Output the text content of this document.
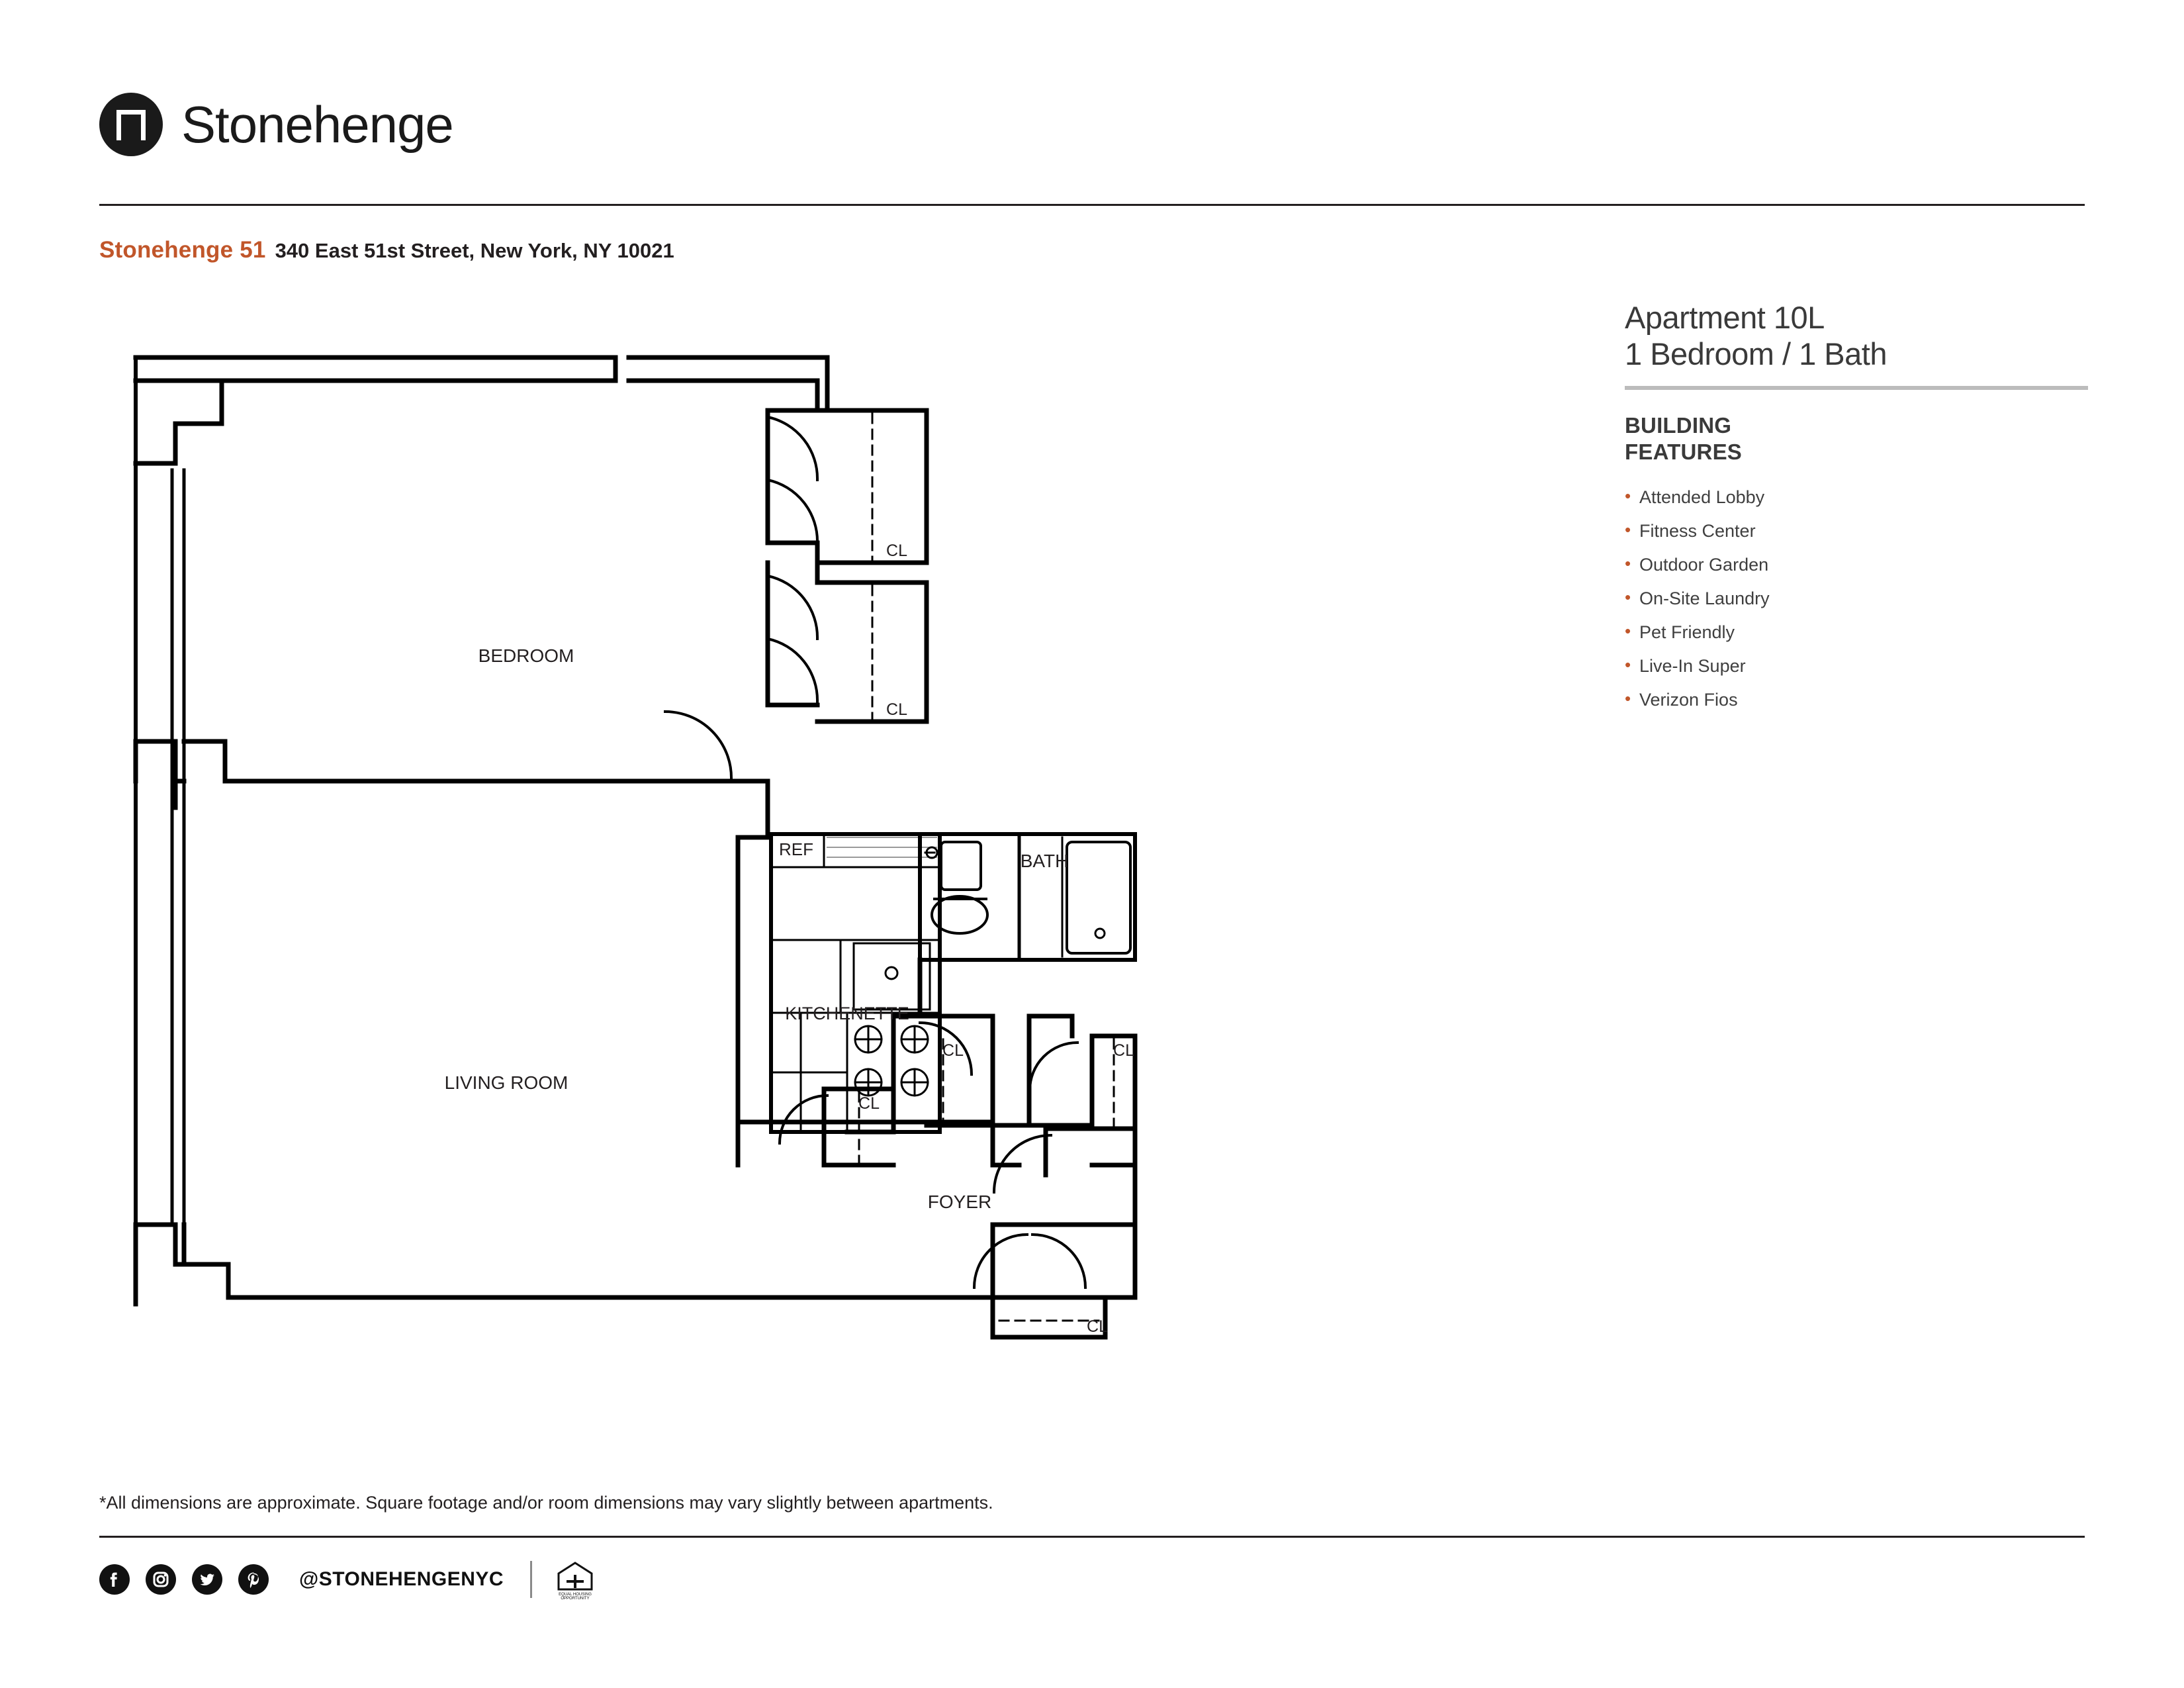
Stonehenge
Stonehenge 51 340 East 51st Street, New York, NY 10021
Apartment 10L
1 Bedroom / 1 Bath
BUILDING
FEATURES
• Attended Lobby
• Fitness Center
• Outdoor Garden
• On-Site Laundry
• Pet Friendly
• Live-In Super
• Verizon Fios
BEDROOM
LIVING ROOM
KITCHENETTE
BATH
FOYER
REF
CL
CL
CL
CL
CL
CL
*All dimensions are approximate. Square footage and/or room dimensions may vary slightly between apartments.
@STONEHENGENYC
EQUAL HOUSING
OPPORTUNITY
